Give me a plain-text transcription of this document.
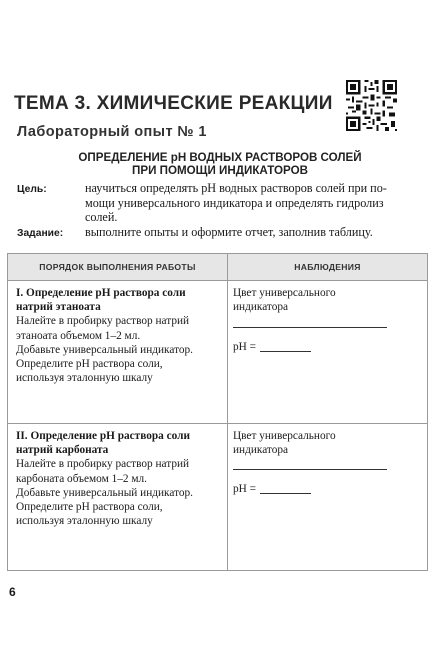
ТЕМА 3. ХИМИЧЕСКИЕ РЕАКЦИИ
Лабораторный опыт № 1
ОПРЕДЕЛЕНИЕ pH ВОДНЫХ РАСТВОРОВ СОЛЕЙ
ПРИ ПОМОЩИ ИНДИКАТОРОВ
Цель:	научиться определять рН водных растворов солей при по-
мощи универсального индикатора и определять гидролиз
солей.
Задание: выполните опыты и оформите отчет, заполнив таблицу.
ПОРЯДОК ВЫПОЛНЕНИЯ РАБОТЫ	НАБЛЮДЕНИЯ
I. Определение рН раствора соли
натрий этаноата
Налейте в пробирку раствор натрий
этаноата объемом 1–2 мл.
Добавьте универсальный индикатор.
Определите рН раствора соли,
используя эталонную шкалу
Цвет универсального
индикатора
рН =
II. Определение рН раствора соли
натрий карбоната
Налейте в пробирку раствор натрий
карбоната объемом 1–2 мл.
Добавьте универсальный индикатор.
Определите рН раствора соли,
используя эталонную шкалу
Цвет универсального
индикатора
рН =
6
